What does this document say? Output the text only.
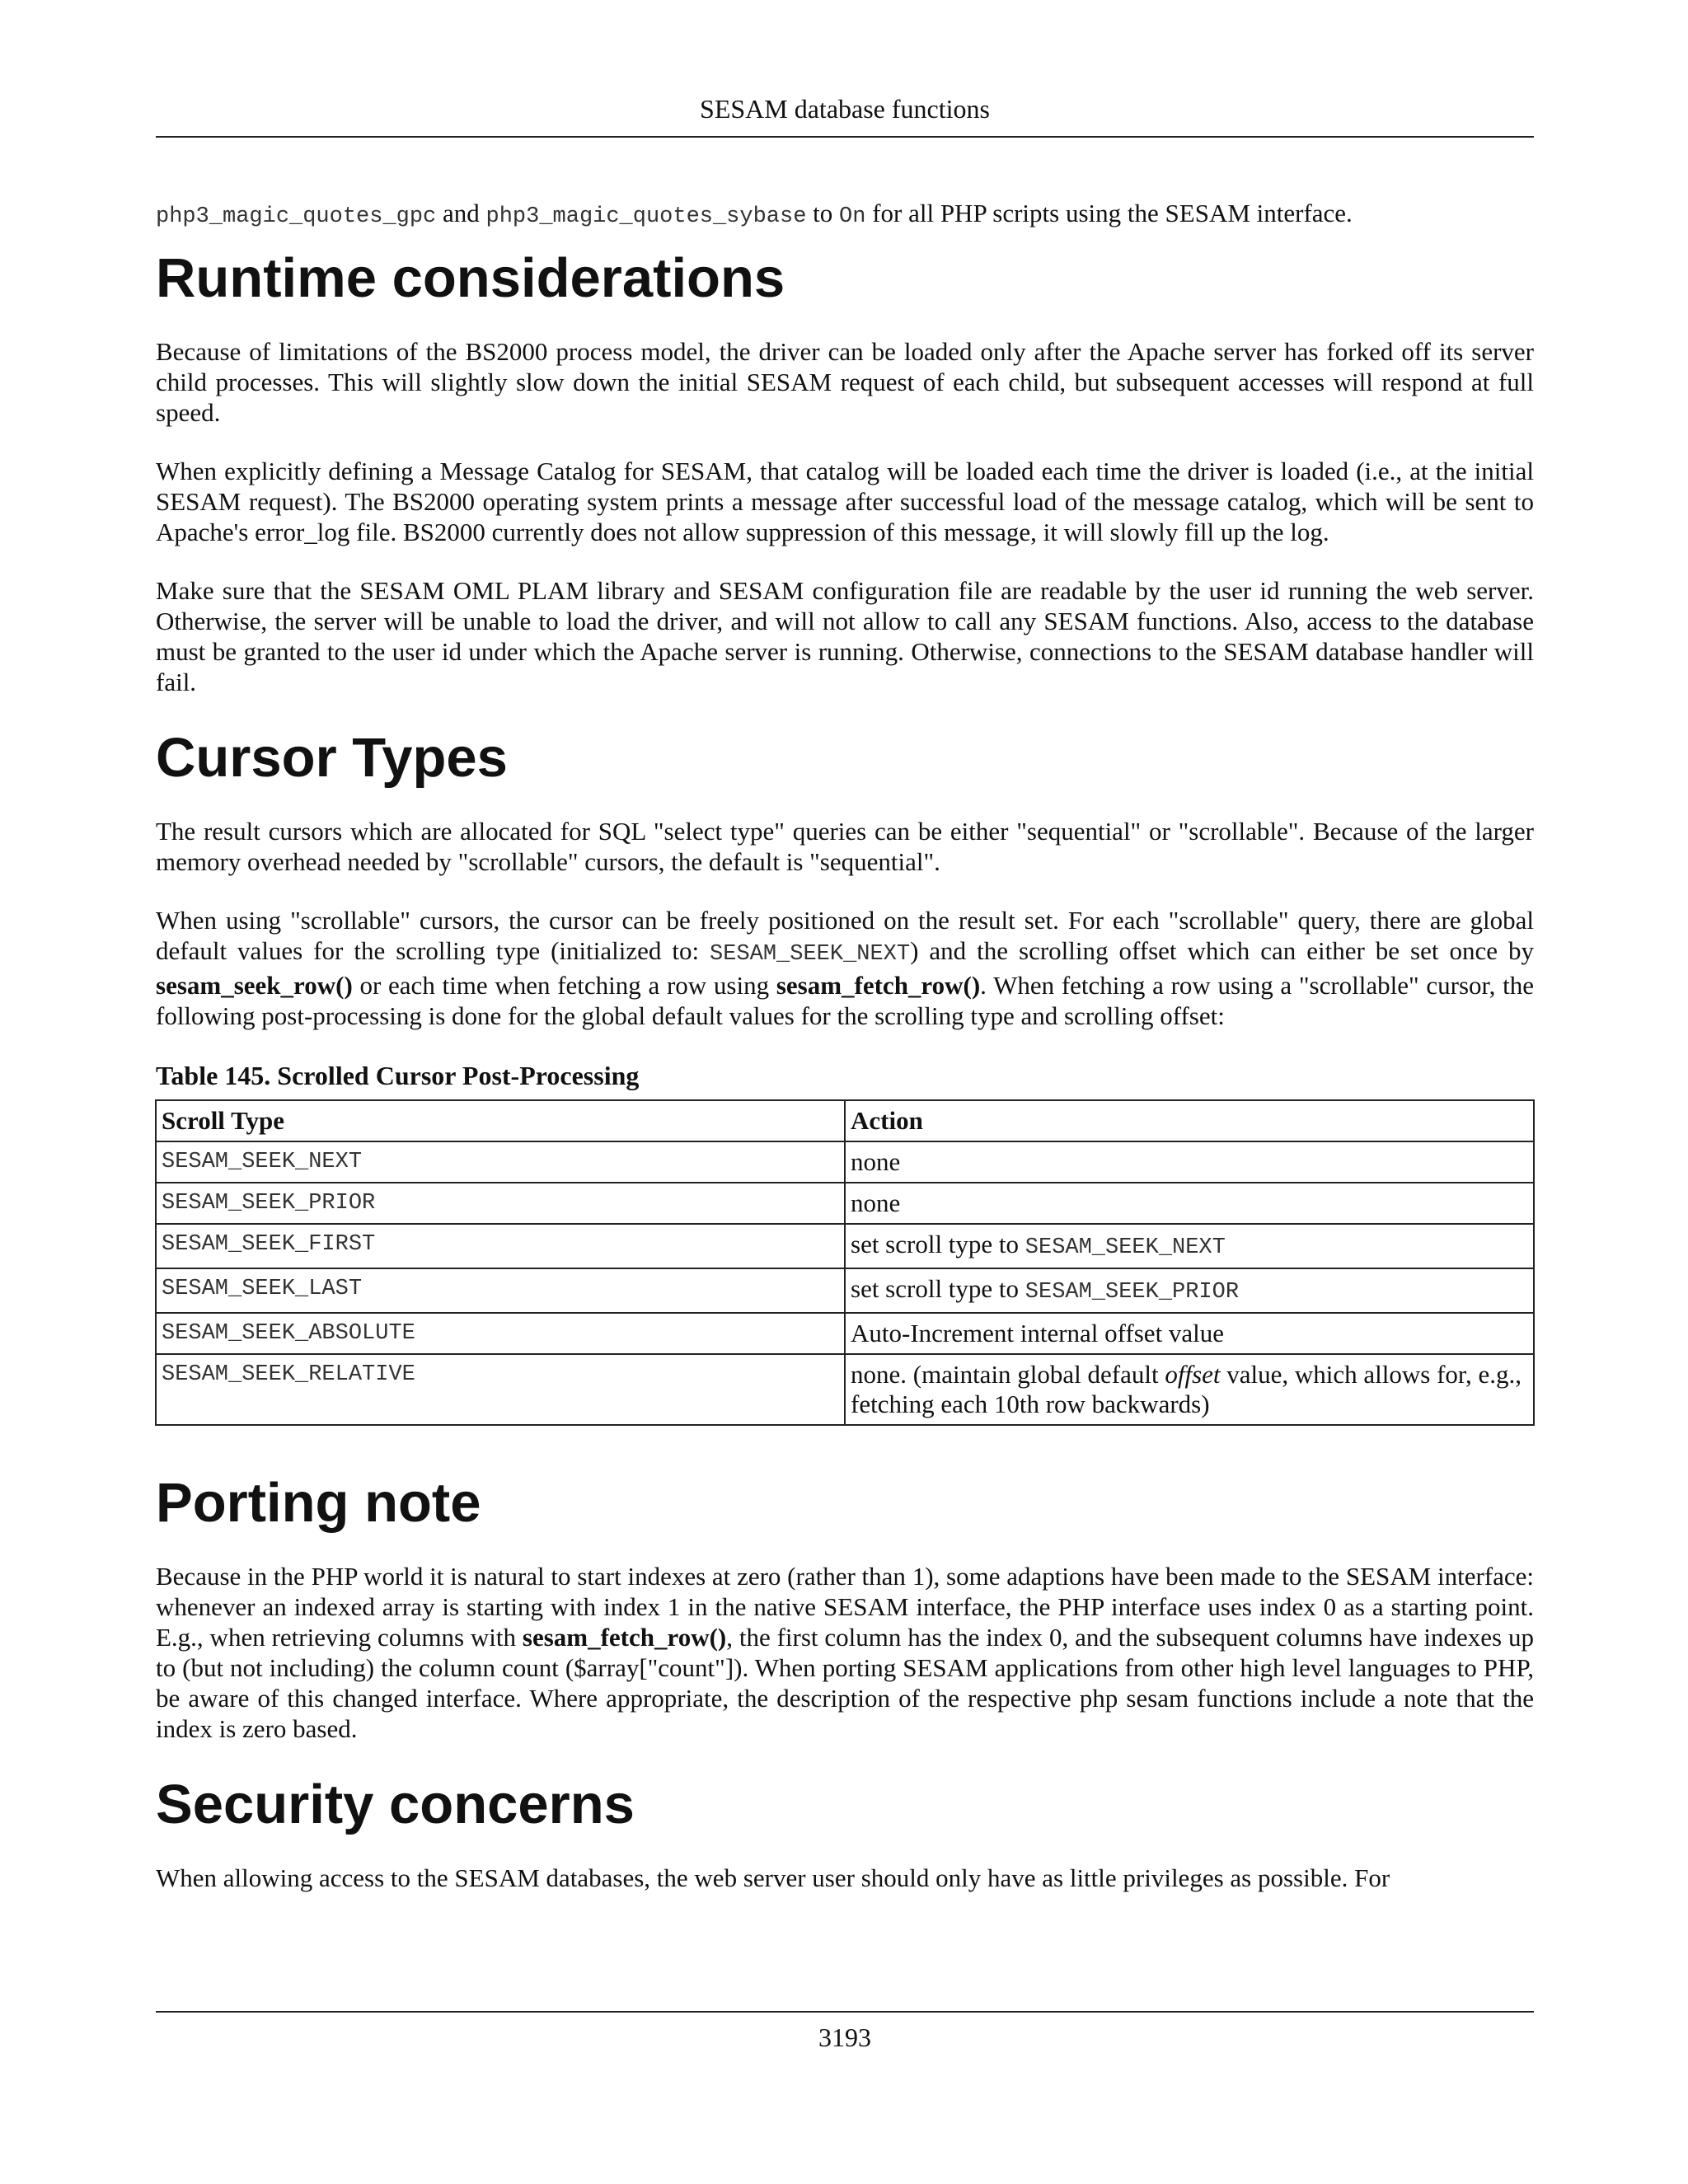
SESAM database functions

php3_magic_quotes_gpc and php3_magic_quotes_sybase to On for all PHP scripts using the SESAM interface.

Runtime considerations

Because of limitations of the BS2000 process model, the driver can be loaded only after the Apache server has forked off its server child processes. This will slightly slow down the initial SESAM request of each child, but subsequent accesses will respond at full speed.

When explicitly defining a Message Catalog for SESAM, that catalog will be loaded each time the driver is loaded (i.e., at the initial SESAM request). The BS2000 operating system prints a message after successful load of the message catalog, which will be sent to Apache's error_log file. BS2000 currently does not allow suppression of this message, it will slowly fill up the log.

Make sure that the SESAM OML PLAM library and SESAM configuration file are readable by the user id running the web server. Otherwise, the server will be unable to load the driver, and will not allow to call any SESAM functions. Also, access to the database must be granted to the user id under which the Apache server is running. Otherwise, connections to the SESAM database handler will fail.

Cursor Types

The result cursors which are allocated for SQL "select type" queries can be either "sequential" or "scrollable". Because of the larger memory overhead needed by "scrollable" cursors, the default is "sequential".

When using "scrollable" cursors, the cursor can be freely positioned on the result set. For each "scrollable" query, there are global default values for the scrolling type (initialized to: SESAM_SEEK_NEXT) and the scrolling offset which can either be set once by sesam_seek_row() or each time when fetching a row using sesam_fetch_row(). When fetching a row using a "scrollable" cursor, the following post-processing is done for the global default values for the scrolling type and scrolling offset:

Table 145. Scrolled Cursor Post-Processing
Scroll Type	Action
SESAM_SEEK_NEXT	none
SESAM_SEEK_PRIOR	none
SESAM_SEEK_FIRST	set scroll type to SESAM_SEEK_NEXT
SESAM_SEEK_LAST	set scroll type to SESAM_SEEK_PRIOR
SESAM_SEEK_ABSOLUTE	Auto-Increment internal offset value
SESAM_SEEK_RELATIVE	none. (maintain global default offset value, which allows for, e.g., fetching each 10th row backwards)
Porting note

Because in the PHP world it is natural to start indexes at zero (rather than 1), some adaptions have been made to the SESAM interface: whenever an indexed array is starting with index 1 in the native SESAM interface, the PHP interface uses index 0 as a starting point. E.g., when retrieving columns with sesam_fetch_row(), the first column has the index 0, and the subsequent columns have indexes up to (but not including) the column count ($array["count"]). When porting SESAM applications from other high level languages to PHP, be aware of this changed interface. Where appropriate, the description of the respective php sesam functions include a note that the index is zero based.

Security concerns

When allowing access to the SESAM databases, the web server user should only have as little privileges as possible. For

3193
